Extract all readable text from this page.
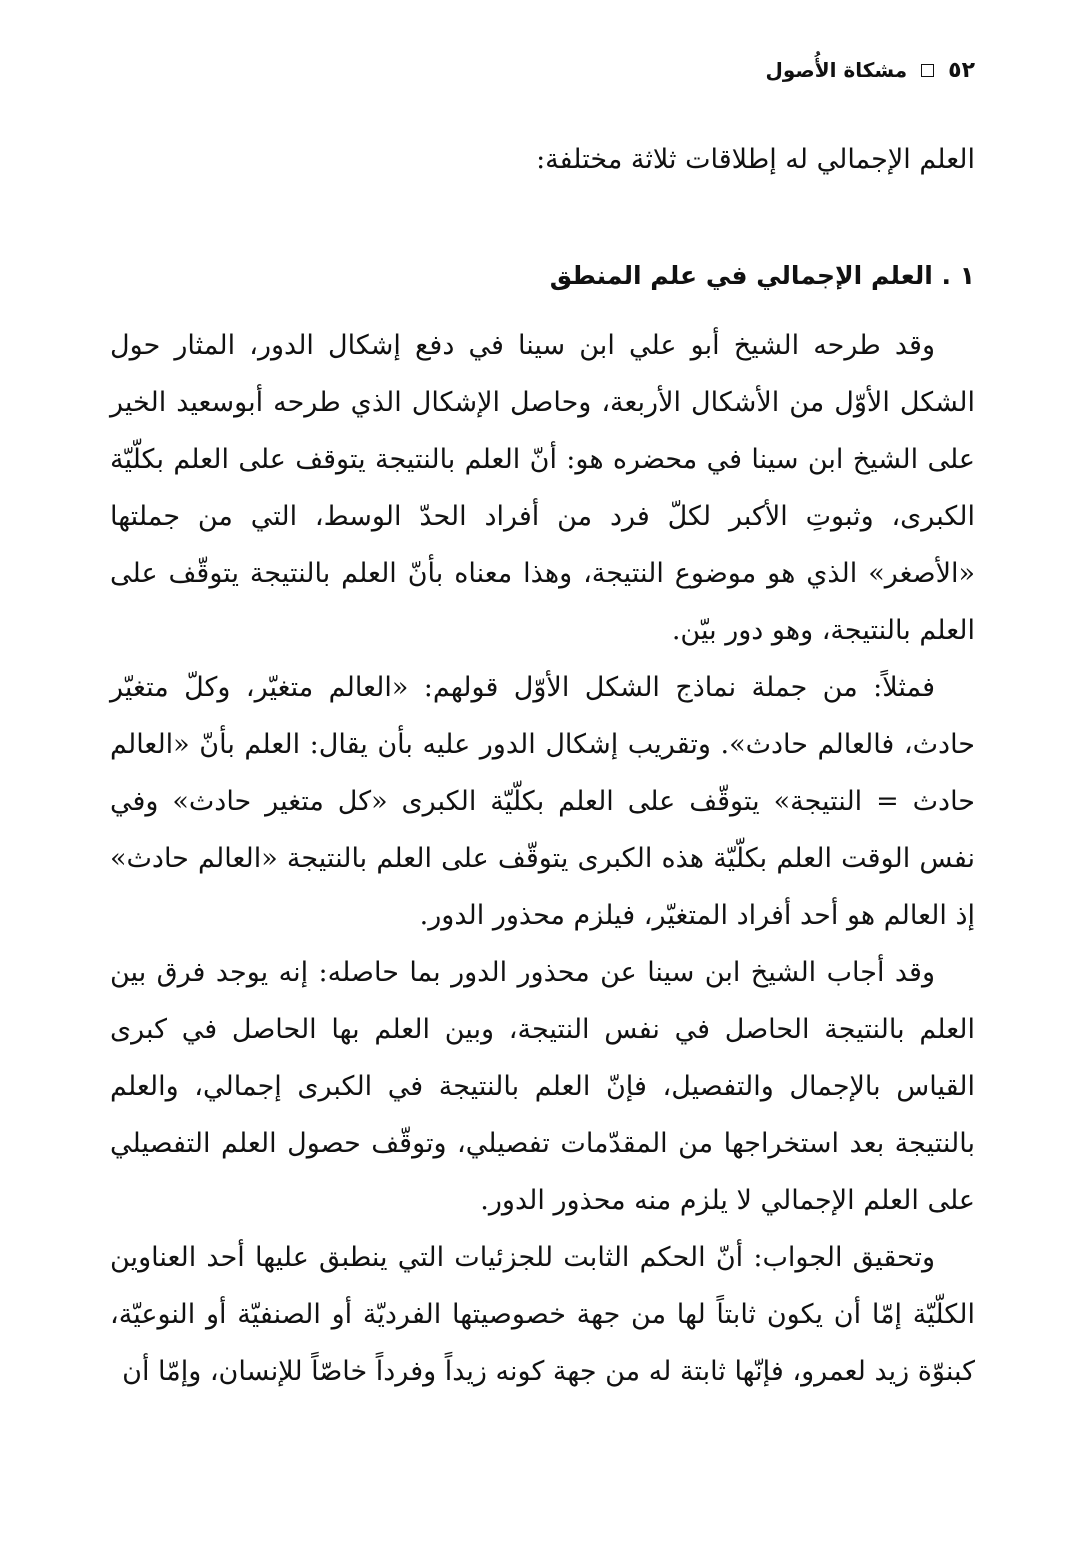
٥٢
مشكاة الأُصول
العلم الإجمالي له إطلاقات ثلاثة مختلفة:
١ . العلم الإجمالي في علم المنطق

وقد طرحه الشيخ أبو علي ابن سينا في دفع إشكال الدور، المثار حول الشكل الأوّل من الأشكال الأربعة، وحاصل الإشكال الذي طرحه أبوسعيد الخير على الشيخ ابن سينا في محضره هو: أنّ العلم بالنتيجة يتوقف على العلم بكلّيّة الكبرى، وثبوتِ الأكبر لكلّ فرد من أفراد الحدّ الوسط، التي من جملتها «الأصغر» الذي هو موضوع النتيجة، وهذا معناه بأنّ العلم بالنتيجة يتوقّف على العلم بالنتيجة، وهو دور بيّن.

فمثلاً: من جملة نماذج الشكل الأوّل قولهم: «العالم متغيّر، وكلّ متغيّر حادث، فالعالم حادث». وتقريب إشكال الدور عليه بأن يقال: العلم بأنّ «العالم حادث = النتيجة» يتوقّف على العلم بكلّيّة الكبرى «كل متغير حادث» وفي نفس الوقت العلم بكلّيّة هذه الكبرى يتوقّف على العلم بالنتيجة «العالم حادث» إذ العالم هو أحد أفراد المتغيّر، فيلزم محذور الدور.

وقد أجاب الشيخ ابن سينا عن محذور الدور بما حاصله: إنه يوجد فرق بين العلم بالنتيجة الحاصل في نفس النتيجة، وبين العلم بها الحاصل في كبرى القياس بالإجمال والتفصيل، فإنّ العلم بالنتيجة في الكبرى إجمالي، والعلم بالنتيجة بعد استخراجها من المقدّمات تفصيلي، وتوقّف حصول العلم التفصيلي على العلم الإجمالي لا يلزم منه محذور الدور.

وتحقيق الجواب: أنّ الحكم الثابت للجزئيات التي ينطبق عليها أحد العناوين الكلّيّة إمّا أن يكون ثابتاً لها من جهة خصوصيتها الفرديّة أو الصنفيّة أو النوعيّة، كبنوّة زيد لعمرو، فإنّها ثابتة له من جهة كونه زيداً وفرداً خاصّاً للإنسان، وإمّا أن
